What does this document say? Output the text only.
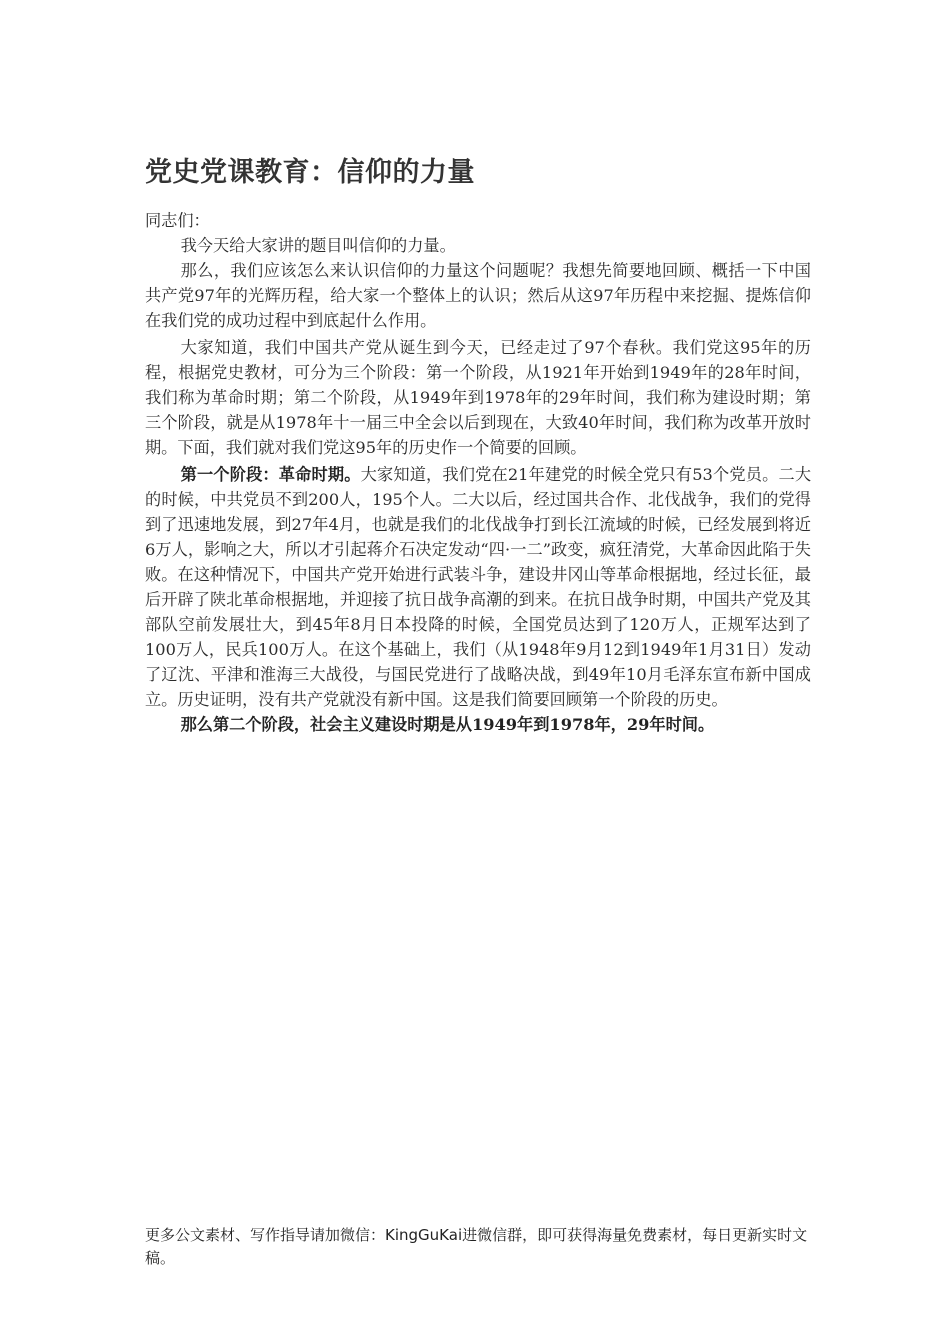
党史党课教育：信仰的力量

同志们：

我今天给大家讲的题目叫信仰的力量。

那么，我们应该怎么来认识信仰的力量这个问题呢？我想先简要地回顾、概括一下中国共产党97年的光辉历程，给大家一个整体上的认识；然后从这97年历程中来挖掘、提炼信仰在我们党的成功过程中到底起什么作用。

大家知道，我们中国共产党从诞生到今天，已经走过了97个春秋。我们党这95年的历程，根据党史教材，可分为三个阶段：第一个阶段，从1921年开始到1949年的28年时间，我们称为革命时期；第二个阶段，从1949年到1978年的29年时间，我们称为建设时期；第三个阶段，就是从1978年十一届三中全会以后到现在，大致40年时间，我们称为改革开放时期。下面，我们就对我们党这95年的历史作一个简要的回顾。

第一个阶段：革命时期。大家知道，我们党在21年建党的时候全党只有53个党员。二大的时候，中共党员不到200人，195个人。二大以后，经过国共合作、北伐战争，我们的党得到了迅速地发展，到27年4月，也就是我们的北伐战争打到长江流域的时候，已经发展到将近6万人，影响之大，所以才引起蒋介石决定发动“四·一二”政变，疯狂清党，大革命因此陷于失败。在这种情况下，中国共产党开始进行武装斗争，建设井冈山等革命根据地，经过长征，最后开辟了陕北革命根据地，并迎接了抗日战争高潮的到来。在抗日战争时期，中国共产党及其部队空前发展壮大，到45年8月日本投降的时候，全国党员达到了120万人，正规军达到了100万人，民兵100万人。在这个基础上，我们（从1948年9月12到1949年1月31日）发动了辽沈、平津和淮海三大战役，与国民党进行了战略决战，到49年10月毛泽东宣布新中国成立。历史证明，没有共产党就没有新中国。这是我们简要回顾第一个阶段的历史。

那么第二个阶段，社会主义建设时期是从1949年到1978年，29年时间。

更多公文素材、写作指导请加微信：KingGuKai进微信群，即可获得海量免费素材，每日更新实时文稿。
